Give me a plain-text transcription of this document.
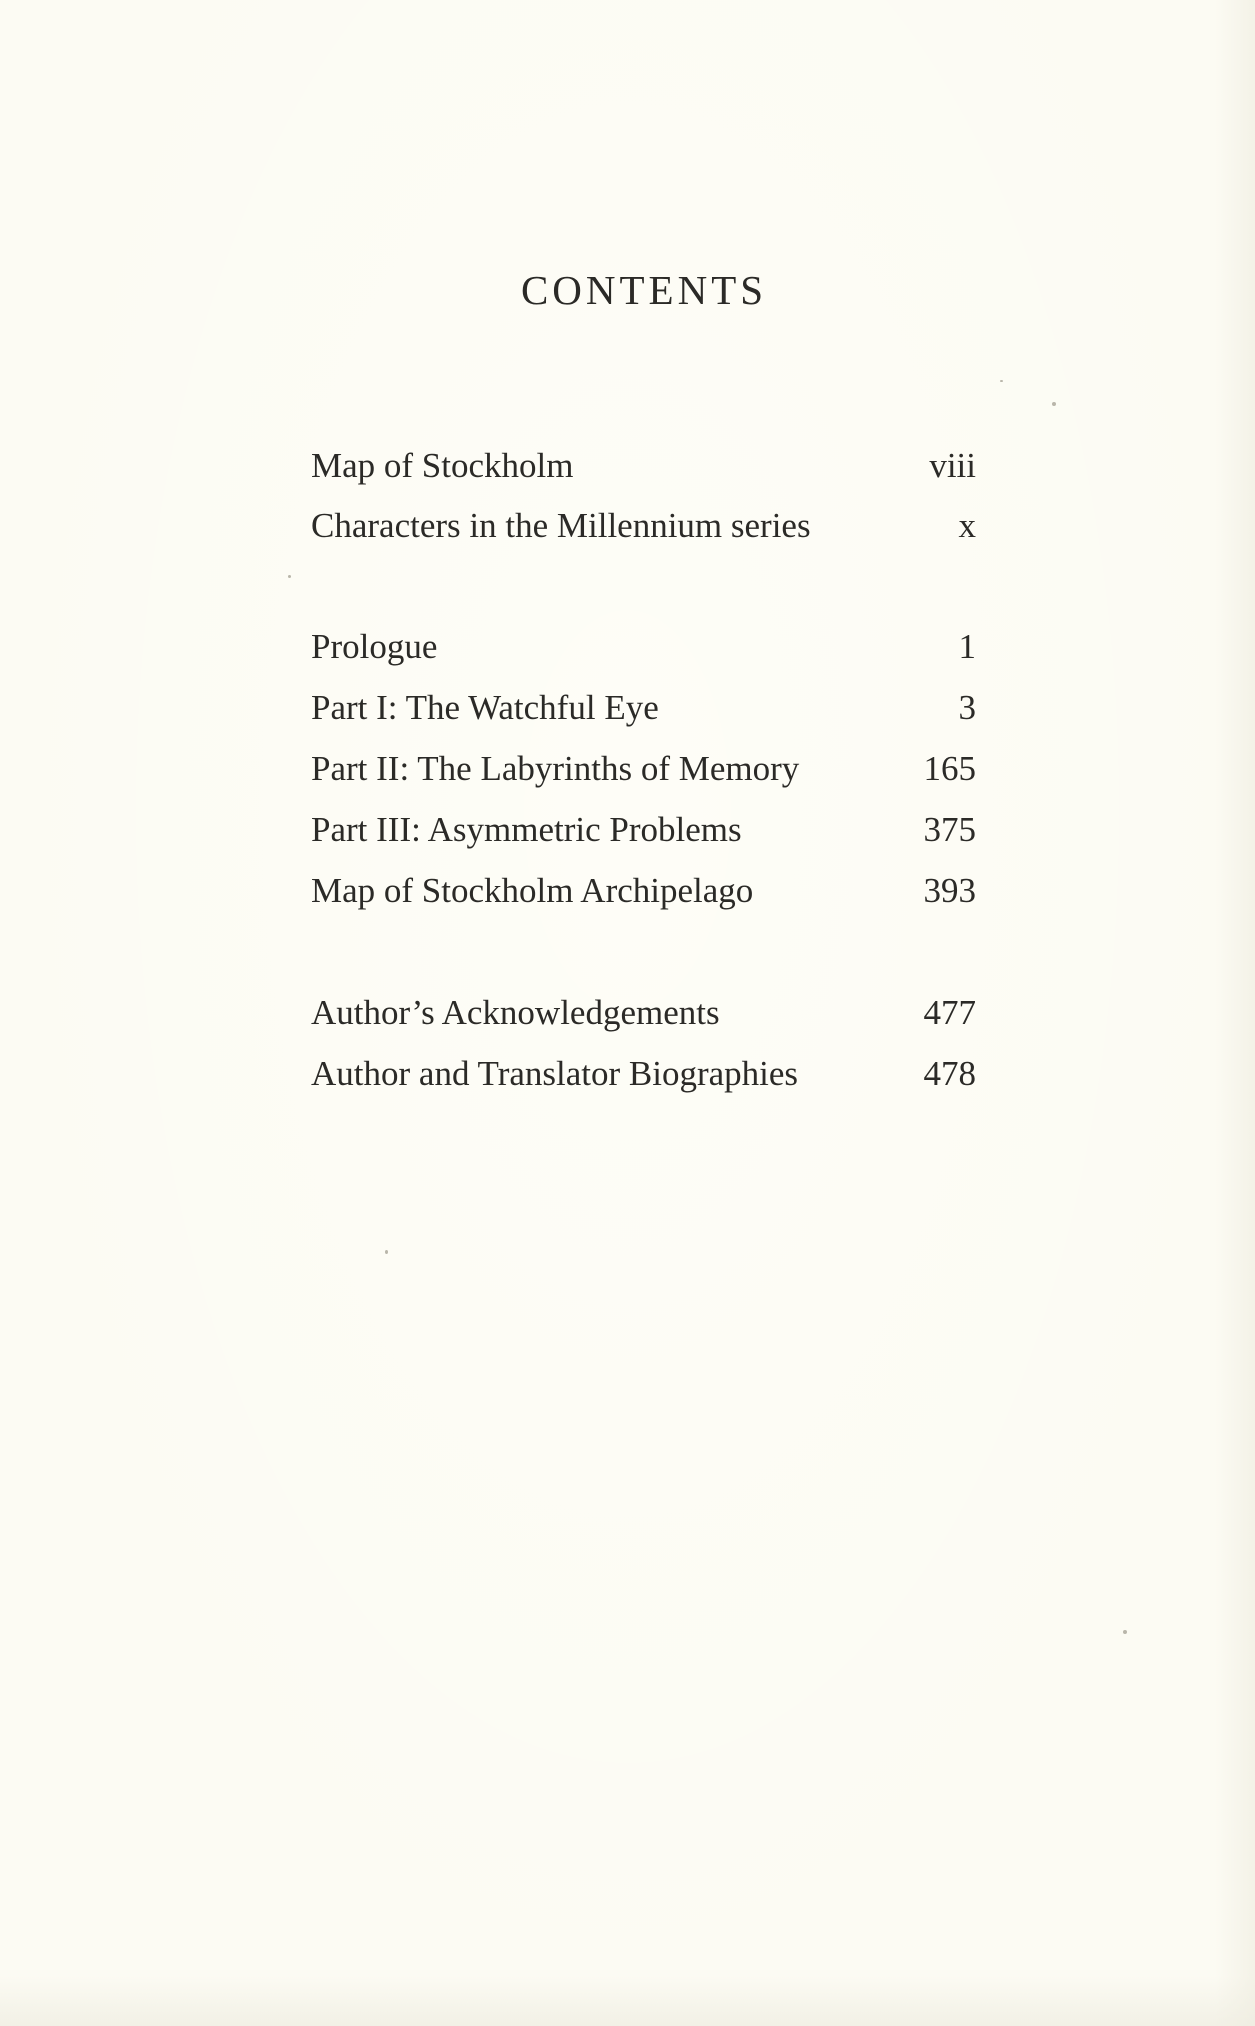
CONTENTS
Map of Stockholm	viii
Characters in the Millennium series	x
Prologue	1
Part I: The Watchful Eye	3
Part II: The Labyrinths of Memory	165
Part III: Asymmetric Problems	375
Map of Stockholm Archipelago	393
Author’s Acknowledgements	477
Author and Translator Biographies	478
